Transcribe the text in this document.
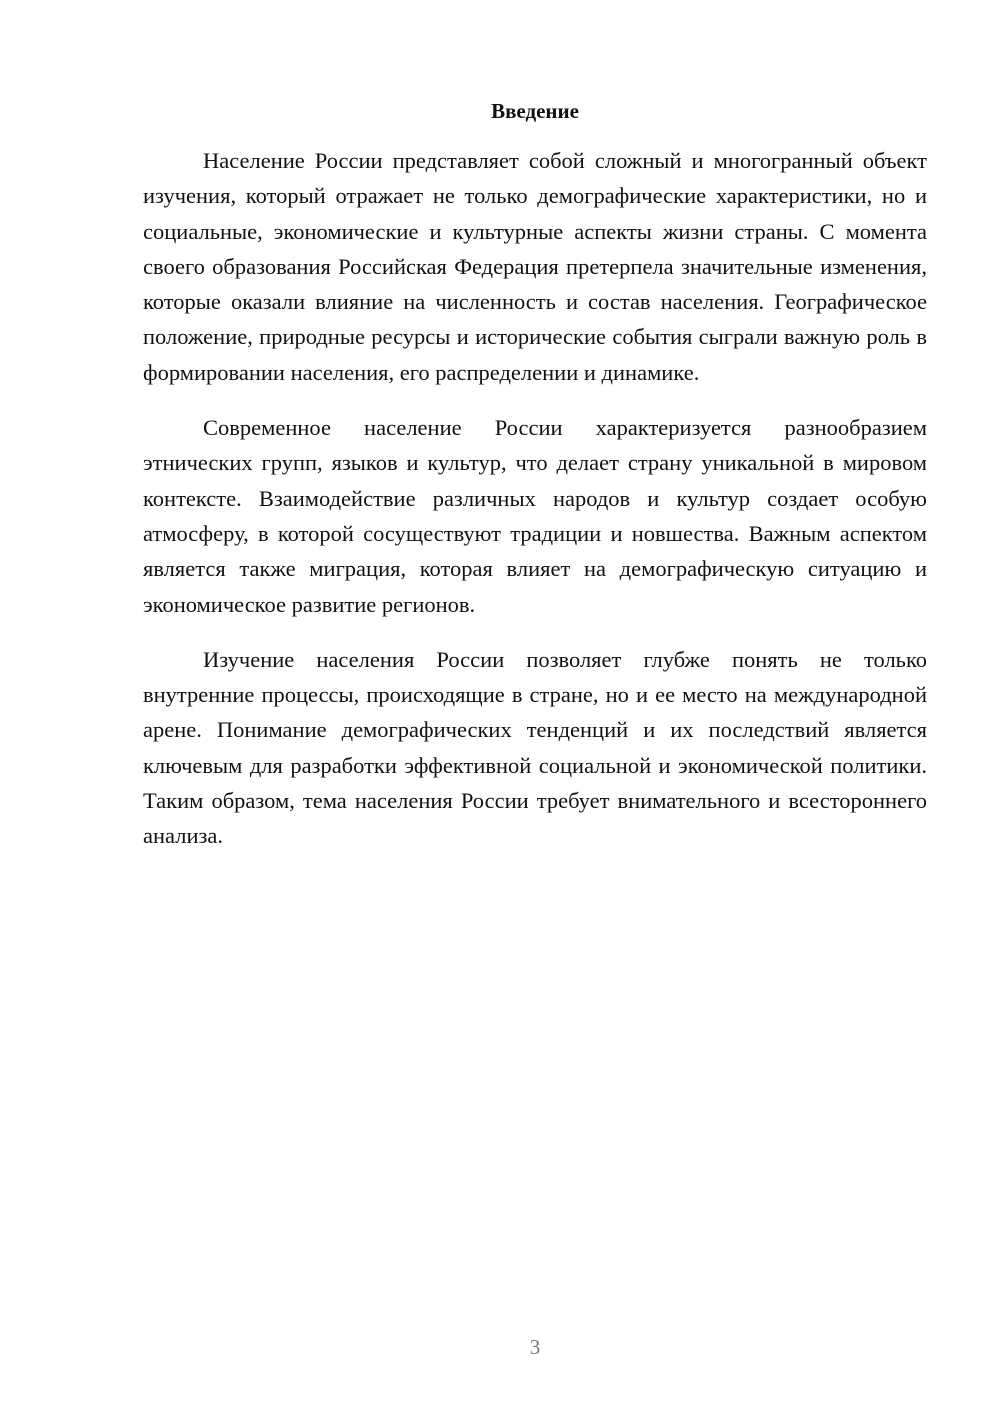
Введение

Население России представляет собой сложный и многогранный объект изучения, который отражает не только демографические характеристики, но и социальные, экономические и культурные аспекты жизни страны. С момента своего образования Российская Федерация претерпела значительные изменения, которые оказали влияние на численность и состав населения. Географическое положение, природные ресурсы и исторические события сыграли важную роль в формировании населения, его распределении и динамике.

Современное население России характеризуется разнообразием этнических групп, языков и культур, что делает страну уникальной в мировом контексте. Взаимодействие различных народов и культур создает особую атмосферу, в которой сосуществуют традиции и новшества. Важным аспектом является также миграция, которая влияет на демографическую ситуацию и экономическое развитие регионов.

Изучение населения России позволяет глубже понять не только внутренние процессы, происходящие в стране, но и ее место на международной арене. Понимание демографических тенденций и их последствий является ключевым для разработки эффективной социальной и экономической политики. Таким образом, тема населения России требует внимательного и всестороннего анализа.

3
